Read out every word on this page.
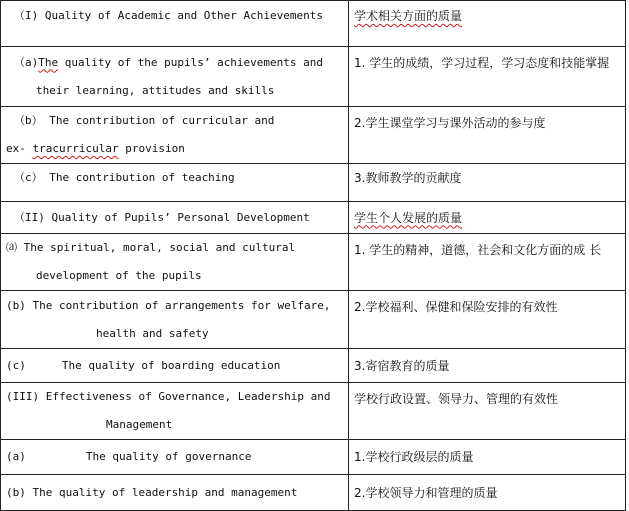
（I) Quality of Academic and Other Achievements	学术相关方面的质量

（a)The quality of the pupils’ achievements and
their learning, attitudes and skills	1. 学生的成绩，学习过程，学习态度和技能掌握

（b） The contribution of curricular and
ex- tracurricular provision	2.学生课堂学习与课外活动的参与度

（c） The contribution of teaching	3.教师教学的贡献度

（II) Quality of Pupils’ Personal Development	学生个人发展的质量

⒜ The spiritual, moral, social and cultural
development of the pupils	1. 学生的精神，道德，社会和文化方面的成 长

(b) The contribution of arrangements for welfare,
health and safety	2.学校福利、保健和保险安排的有效性

(c) The quality of boarding education	3.寄宿教育的质量

(III) Effectiveness of Governance, Leadership and
Management	学校行政设置、领导力、管理的有效性

(a) The quality of governance	1.学校行政级层的质量

(b) The quality of leadership and management	2.学校领导力和管理的质量
